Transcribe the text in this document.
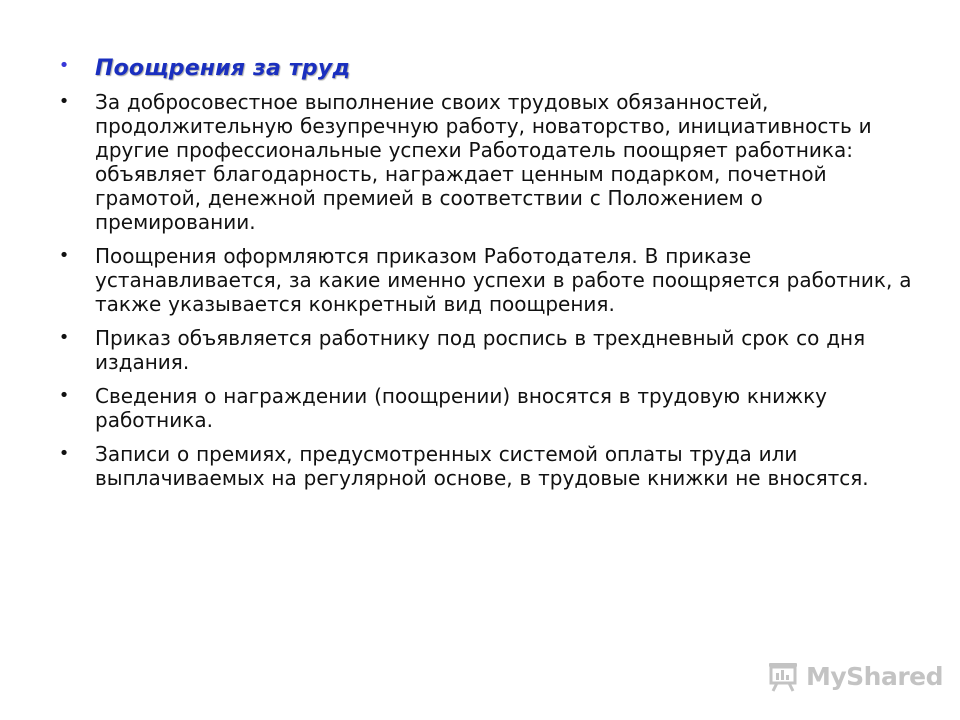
• Поощрения за труд
• За добросовестное выполнение своих трудовых обязанностей, продолжительную безупречную работу, новаторство, инициативность и другие профессиональные успехи Работодатель поощряет работника: объявляет благодарность, награждает ценным подарком, почетной грамотой, денежной премией в соответствии с Положением о премировании.
• Поощрения оформляются приказом Работодателя. В приказе устанавливается, за какие именно успехи в работе поощряется работник, а также указывается конкретный вид поощрения.
• Приказ объявляется работнику под роспись в трехдневный срок со дня издания.
• Сведения о награждении (поощрении) вносятся в трудовую книжку работника.
• Записи о премиях, предусмотренных системой оплаты труда или выплачиваемых на регулярной основе, в трудовые книжки не вносятся.
MyShared
